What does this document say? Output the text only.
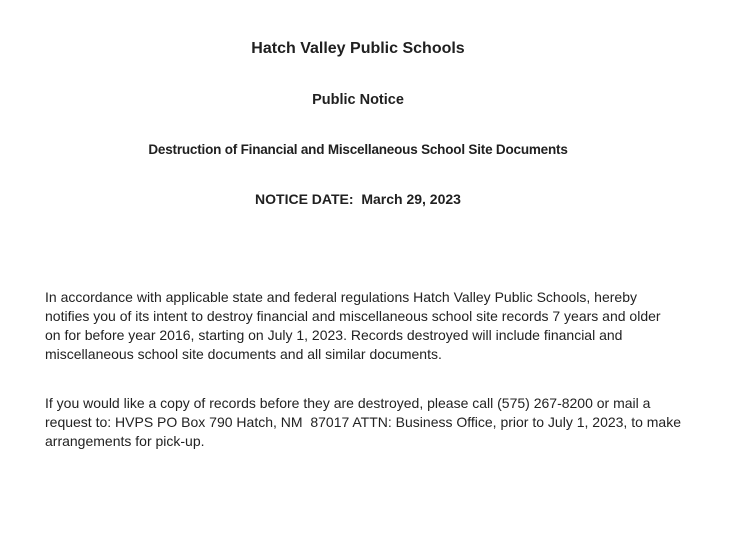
Hatch Valley Public Schools
Public Notice
Destruction of Financial and Miscellaneous School Site Documents
NOTICE DATE:  March 29, 2023

In accordance with applicable state and federal regulations Hatch Valley Public Schools, hereby
notifies you of its intent to destroy financial and miscellaneous school site records 7 years and older
on for before year 2016, starting on July 1, 2023. Records destroyed will include financial and
miscellaneous school site documents and all similar documents.

If you would like a copy of records before they are destroyed, please call (575) 267-8200 or mail a
request to: HVPS PO Box 790 Hatch, NM  87017 ATTN: Business Office, prior to July 1, 2023, to make
arrangements for pick-up.
